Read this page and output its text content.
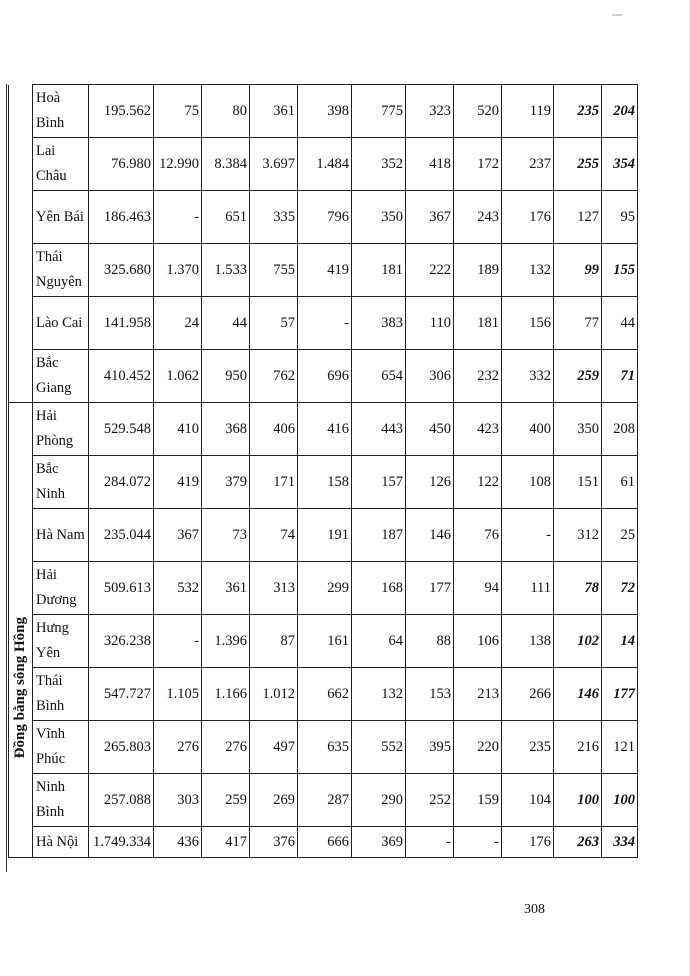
	Hoà Bình	195.562	75	80	361	398	775	323	520	119	235	204
	Lai Châu	76.980	12.990	8.384	3.697	1.484	352	418	172	237	255	354
	Yên Bái	186.463	-	651	335	796	350	367	243	176	127	95
	Thái Nguyên	325.680	1.370	1.533	755	419	181	222	189	132	99	155
	Lào Cai	141.958	24	44	57	-	383	110	181	156	77	44
	Bắc Giang	410.452	1.062	950	762	696	654	306	232	332	259	71
Đồng bằng sông Hồng	Hải Phòng	529.548	410	368	406	416	443	450	423	400	350	208
	Bắc Ninh	284.072	419	379	171	158	157	126	122	108	151	61
	Hà Nam	235.044	367	73	74	191	187	146	76	-	312	25
	Hải Dương	509.613	532	361	313	299	168	177	94	111	78	72
	Hưng Yên	326.238	-	1.396	87	161	64	88	106	138	102	14
	Thái Bình	547.727	1.105	1.166	1.012	662	132	153	213	266	146	177
	Vĩnh Phúc	265.803	276	276	497	635	552	395	220	235	216	121
	Ninh Bình	257.088	303	259	269	287	290	252	159	104	100	100
	Hà Nội	1.749.334	436	417	376	666	369	-	-	176	263	334
308
